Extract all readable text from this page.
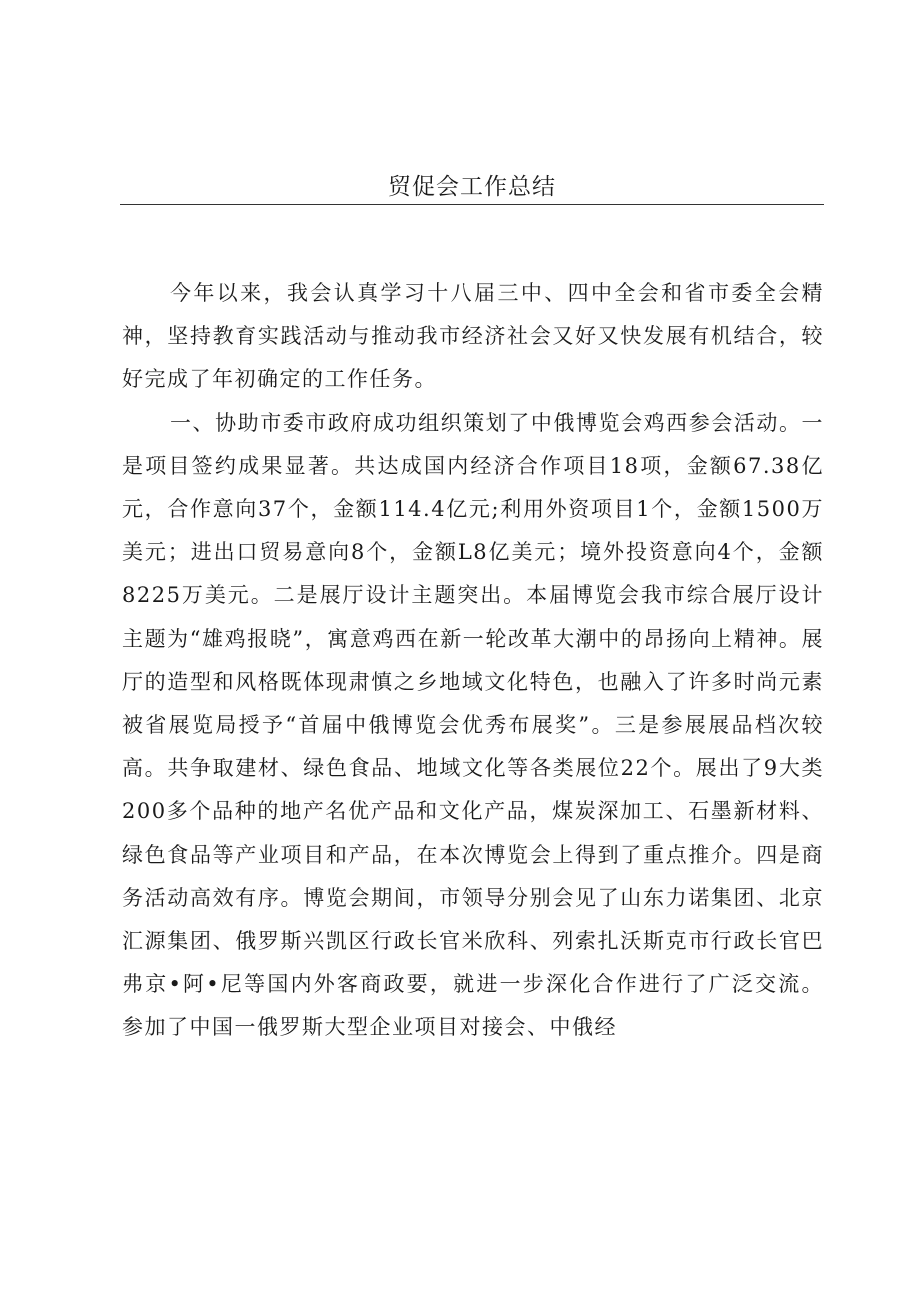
贸促会工作总结

今年以来，我会认真学习十八届三中、四中全会和省市委全会精神，坚持教育实践活动与推动我市经济社会又好又快发展有机结合，较好完成了年初确定的工作任务。

一、协助市委市政府成功组织策划了中俄博览会鸡西参会活动。一是项目签约成果显著。共达成国内经济合作项目18项，金额67.38亿元，合作意向37个，金额114.4亿元;利用外资项目1个，金额1500万美元；进出口贸易意向8个，金额L8亿美元；境外投资意向4个，金额8225万美元。二是展厅设计主题突出。本届博览会我市综合展厅设计主题为“雄鸡报晓”，寓意鸡西在新一轮改革大潮中的昂扬向上精神。展厅的造型和风格既体现肃慎之乡地域文化特色，也融入了许多时尚元素被省展览局授予“首届中俄博览会优秀布展奖”。三是参展展品档次较高。共争取建材、绿色食品、地域文化等各类展位22个。展出了9大类200多个品种的地产名优产品和文化产品，煤炭深加工、石墨新材料、绿色食品等产业项目和产品，在本次博览会上得到了重点推介。四是商务活动高效有序。博览会期间，市领导分别会见了山东力诺集团、北京汇源集团、俄罗斯兴凯区行政长官米欣科、列索扎沃斯克市行政长官巴弗京•阿•尼等国内外客商政要，就进一步深化合作进行了广泛交流。参加了中国一俄罗斯大型企业项目对接会、中俄经
